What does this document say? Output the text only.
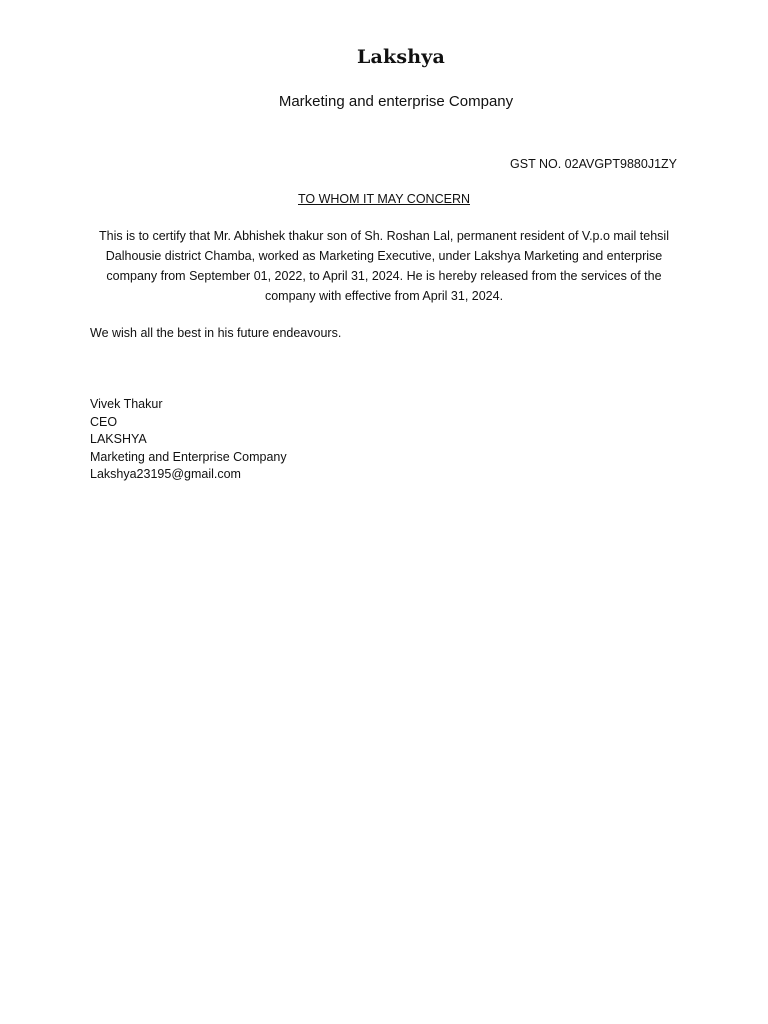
Lakshya
Marketing and enterprise Company
GST NO. 02AVGPT9880J1ZY
TO WHOM IT MAY CONCERN

This is to certify that Mr. Abhishek thakur son of Sh. Roshan Lal, permanent resident of V.p.o mail tehsil Dalhousie district Chamba, worked as Marketing Executive, under Lakshya Marketing and enterprise company from September 01, 2022, to April 31, 2024. He is hereby released from the services of the company with effective from April 31, 2024.

We wish all the best in his future endeavours.

Vivek Thakur
CEO
LAKSHYA
Marketing and Enterprise Company
Lakshya23195@gmail.com
